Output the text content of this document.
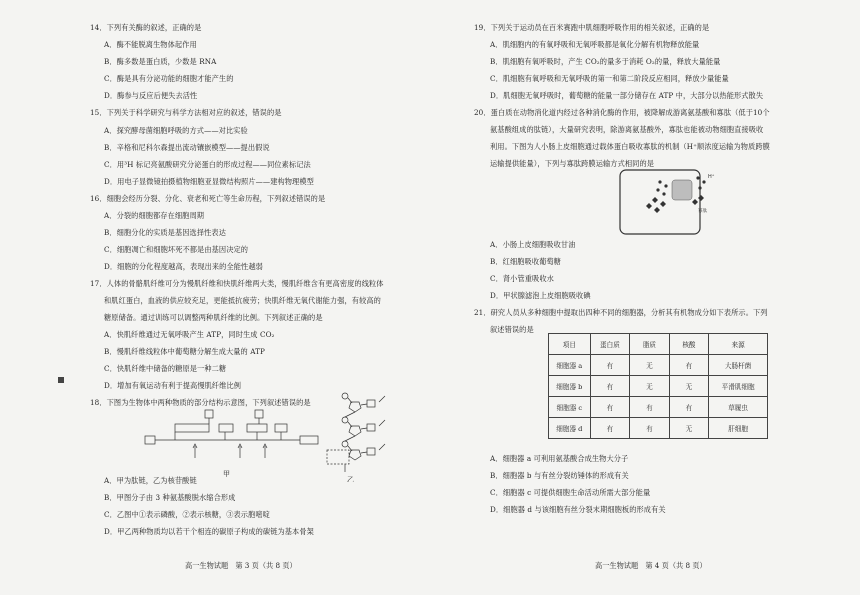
14．下列有关酶的叙述，正确的是
A．酶不能脱离生物体起作用
B．酶多数是蛋白质，少数是 RNA
C．酶是具有分泌功能的细胞才能产生的
D．酶参与反应后便失去活性
15．下列关于科学研究与科学方法相对应的叙述，错误的是
A．探究酵母菌细胞呼吸的方式——对比实验
B．辛格和尼科尔森提出流动镶嵌模型——提出假说
C．用³H 标记亮氨酸研究分泌蛋白的形成过程——同位素标记法
D．用电子显微镜拍摄植物细胞亚显微结构照片——建构物理模型
16．细胞会经历分裂、分化、衰老和死亡等生命历程，下列叙述错误的是
A．分裂的细胞都存在细胞周期
B．细胞分化的实质是基因选择性表达
C．细胞凋亡和细胞坏死不都是由基因决定的
D．细胞的分化程度越高，表现出来的全能性越弱
17．人体的骨骼肌纤维可分为慢肌纤维和快肌纤维两大类，慢肌纤维含有更高密度的线粒体
和肌红蛋白，血液的供应较充足，更能抵抗疲劳；快肌纤维无氧代谢能力强，有较高的
糖原储备。通过训练可以调整两种肌纤维的比例。下列叙述正确的是
A．快肌纤维通过无氧呼吸产生 ATP，同时生成 CO₂
B．慢肌纤维线粒体中葡萄糖分解生成大量的 ATP
C．快肌纤维中储备的糖原是一种二糖
D．增加有氧运动有利于提高慢肌纤维比例
18．下图为生物体中两种物质的部分结构示意图，下列叙述错误的是
甲
乙
A．甲为肽链，乙为核苷酸链
B．甲图分子由 3 种氨基酸脱水缩合形成
C．乙图中①表示磷酸，②表示核糖，③表示胞嘧啶
D．甲乙两种物质均以若干个相连的碳原子构成的碳链为基本骨架
高一生物试题　第 3 页（共 8 页）
19．下列关于运动员在百米赛跑中肌细胞呼吸作用的相关叙述，正确的是
A．肌细胞内的有氧呼吸和无氧呼吸都是氧化分解有机物释放能量
B．肌细胞有氧呼吸时，产生 CO₂的量多于消耗 O₂的量，释放大量能量
C．肌细胞有氧呼吸和无氧呼吸的第一和第二阶段反应相同，释放少量能量
D．肌细胞无氧呼吸时，葡萄糖的能量一部分储存在 ATP 中，大部分以热能形式散失
20．蛋白质在动物消化道内经过各种消化酶的作用，被降解成游离氨基酸和寡肽（低于10个
氨基酸组成的肽链），大量研究表明，除游离氨基酸外，寡肽也能被动物细胞直接吸收
利用。下图为人小肠上皮细胞通过载体蛋白吸收寡肽的机制（H⁺顺浓度运输为物质跨膜
运输提供能量），下列与寡肽跨膜运输方式相同的是
H⁺
寡肽
A．小肠上皮细胞吸收甘油
B．红细胞吸收葡萄糖
C．肾小管重吸收水
D．甲状腺滤泡上皮细胞吸收碘
21．研究人员从多种细胞中提取出四种不同的细胞器，分析其有机物成分如下表所示。下列
叙述错误的是
项目	蛋白质	脂质	核酸	来源
细胞器 a	有	无	有	大肠杆菌
细胞器 b	有	无	无	平滑肌细胞
细胞器 c	有	有	有	草履虫
细胞器 d	有	有	无	肝细胞
A．细胞器 a 可利用氨基酸合成生物大分子
B．细胞器 b 与有丝分裂纺锤体的形成有关
C．细胞器 c 可提供细胞生命活动所需大部分能量
D．细胞器 d 与该细胞有丝分裂末期细胞板的形成有关
高一生物试题　第 4 页（共 8 页）
